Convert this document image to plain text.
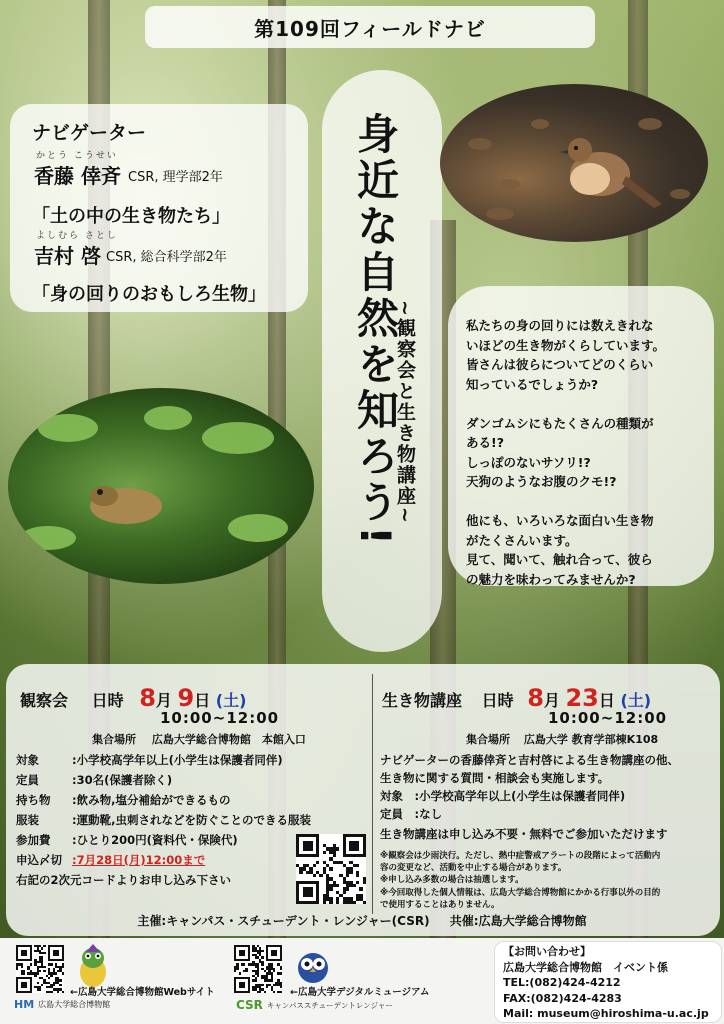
第109回フィールドナビ
ナビゲーター
かとう こうせい
香藤 倖斉 CSR, 理学部2年
「土の中の生き物たち」
よしむら さとし
吉村 啓 CSR, 総合科学部2年
「身の回りのおもしろ生物」 身近な自然を知ろう!
~観察会と生き物講座~	私たちの身の回りには数えきれな
いほどの生き物がくらしています。
皆さんは彼らについてどのくらい
知っているでしょうか?
ダンゴムシにもたくさんの種類が
ある!?
しっぽのないサソリ!?
天狗のようなお腹のクモ!?
他にも、いろいろな面白い生き物
がたくさんいます。
見て、聞いて、触れ合って、彼ら
の魅力を味わってみませんか?
観察会 日時 8月 9日 (土)
10:00~12:00
集合場所 広島大学総合博物館　本館入口
対象	:小学校高学年以上(小学生は保護者同伴)
定員	:30名(保護者除く)
持ち物	:飲み物,塩分補給ができるもの
服装	:運動靴,虫刺されなどを防ぐことのできる服装
参加費	:ひとり200円(資料代・保険代)
申込〆切 :7月28日(月)12:00まで
右記の2次元コードよりお申し込み下さい
生き物講座 日時 8月 23日 (土)
10:00~12:00
集合場所 広島大学 教育学部棟K108
ナビゲーターの香藤倖斉と吉村啓による生き物講座の他、
生き物に関する質問・相談会も実施します。
対象　:小学校高学年以上(小学生は保護者同伴)
定員　:なし
生き物講座は申し込み不要・無料でご参加いただけます
※観察会は少雨決行。ただし、熱中症警戒アラートの段階によって活動内
容の変更など、活動を中止する場合があります。
※申し込み多数の場合は抽選します。
※今回取得した個人情報は、広島大学総合博物館にかかる行事以外の目的
で使用することはありません。
主催:キャンパス・スチューデント・レンジャー(CSR) 共催:広島大学総合博物館
←広島大学総合博物館Webサイト
HM 広島大学総合博物館
←広島大学デジタルミュージアム
CSR キャンパススチューデントレンジャー
【お問い合わせ】
広島大学総合博物館　イベント係
TEL:(082)424-4212
FAX:(082)424-4283
Mail: museum@hiroshima-u.ac.jp
